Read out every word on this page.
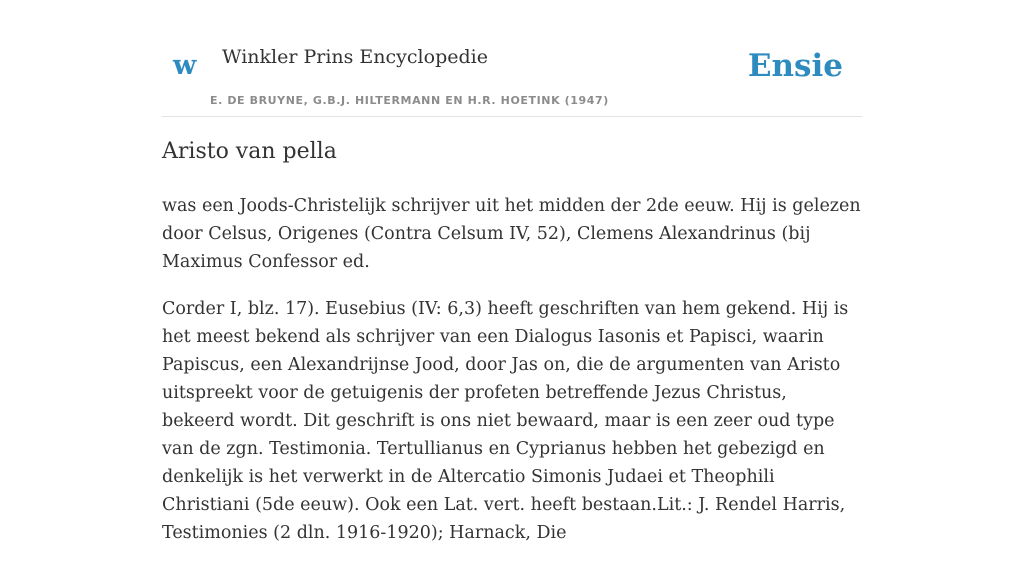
w Winkler Prins Encyclopedie
E. DE BRUYNE, G.B.J. HILTERMANN EN H.R. HOETINK (1947)
Ensie
Aristo van pella

was een Joods-Christelijk schrijver uit het midden der 2de eeuw. Hij is gelezen door Celsus, Origenes (Contra Celsum IV, 52), Clemens Alexandrinus (bij Maximus Confessor ed.

Corder I, blz. 17). Eusebius (IV: 6,3) heeft geschriften van hem gekend. Hij is het meest bekend als schrijver van een Dialogus Iasonis et Papisci, waarin Papiscus, een Alexandrijnse Jood, door Jas on, die de argumenten van Aristo uitspreekt voor de getuigenis der profeten betreffende Jezus Christus, bekeerd wordt. Dit geschrift is ons niet bewaard, maar is een zeer oud type van de zgn. Testimonia. Tertullianus en Cyprianus hebben het gebezigd en denkelijk is het verwerkt in de Altercatio Simonis Judaei et Theophili Christiani (5de eeuw). Ook een Lat. vert. heeft bestaan.Lit.: J. Rendel Harris, Testimonies (2 dln. 1916-1920); Harnack, Die
